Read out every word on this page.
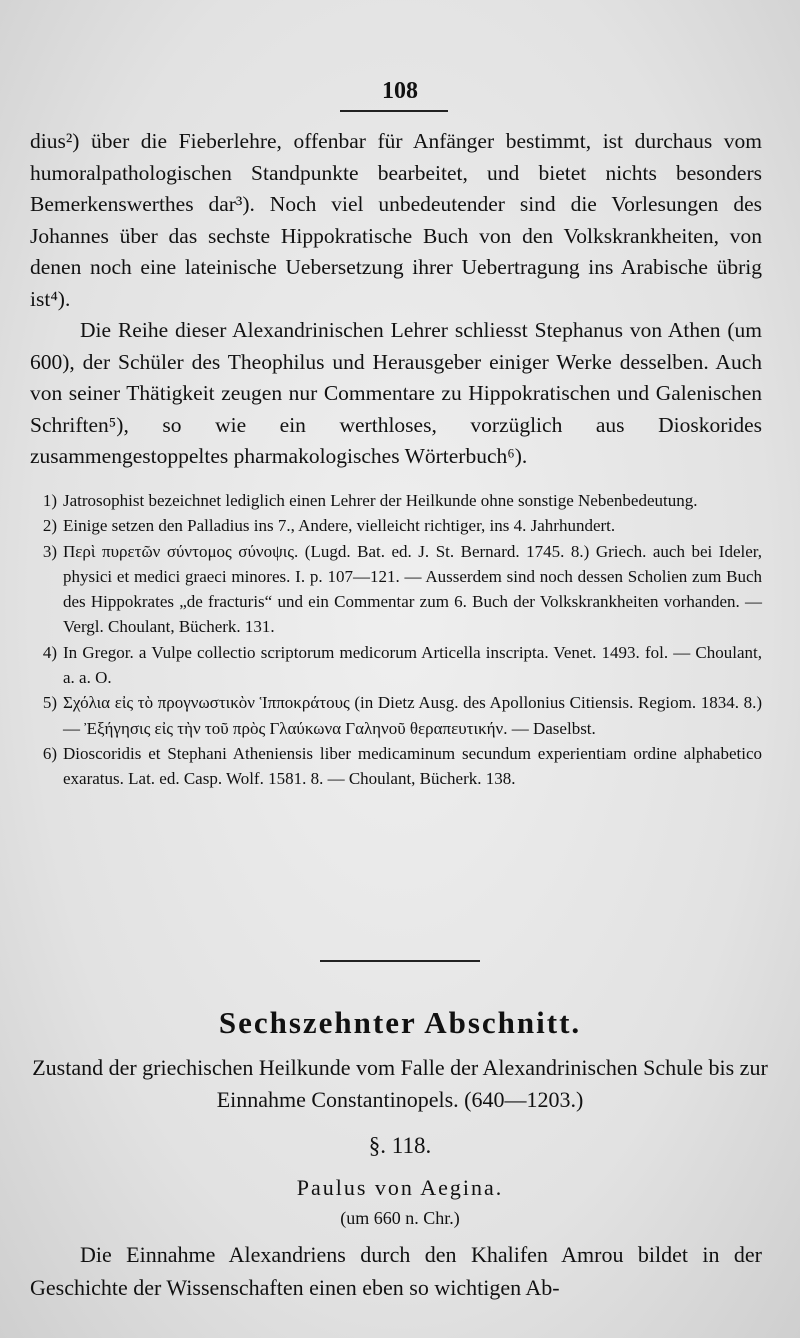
108
dius²) über die Fieberlehre, offenbar für Anfänger bestimmt, ist durchaus vom humoralpathologischen Standpunkte bearbeitet, und bietet nichts besonders Bemerkenswerthes dar³). Noch viel unbedeutender sind die Vorlesungen des Johannes über das sechste Hippokratische Buch von den Volkskrankheiten, von denen noch eine lateinische Uebersetzung ihrer Uebertragung ins Arabische übrig ist⁴).
Die Reihe dieser Alexandrinischen Lehrer schliesst Stephanus von Athen (um 600), der Schüler des Theophilus und Herausgeber einiger Werke desselben. Auch von seiner Thätigkeit zeugen nur Commentare zu Hippokratischen und Galenischen Schriften⁵), so wie ein werthloses, vorzüglich aus Dioskorides zusammengestoppeltes pharmakologisches Wörterbuch⁶).
1) Jatrosophist bezeichnet lediglich einen Lehrer der Heilkunde ohne sonstige Nebenbedeutung.
2) Einige setzen den Palladius ins 7., Andere, vielleicht richtiger, ins 4. Jahrhundert.
3) Περὶ πυρετῶν σύντομος σύνοψις. (Lugd. Bat. ed. J. St. Bernard. 1745. 8.) Griech. auch bei Ideler, physici et medici graeci minores. I. p. 107—121. — Ausserdem sind noch dessen Scholien zum Buch des Hippokrates „de fracturis“ und ein Commentar zum 6. Buch der Volkskrankheiten vorhanden. — Vergl. Choulant, Bücherk. 131.
4) In Gregor. a Vulpe collectio scriptorum medicorum Articella inscripta. Venet. 1493. fol. — Choulant, a. a. O.
5) Σχόλια εἰς τὸ προγνωστικὸν Ἱπποκράτους (in Dietz Ausg. des Apollonius Citiensis. Regiom. 1834. 8.) — Ἐξήγησις εἰς τὴν τοῦ πρὸς Γλαύκωνα Γαληνοῦ θεραπευτικήν. — Daselbst.
6) Dioscoridis et Stephani Atheniensis liber medicaminum secundum experientiam ordine alphabetico exaratus. Lat. ed. Casp. Wolf. 1581. 8. — Choulant, Bücherk. 138.
Sechszehnter Abschnitt.
Zustand der griechischen Heilkunde vom Falle der Alexandrinischen Schule bis zur Einnahme Constantinopels. (640—1203.)
§. 118.
Paulus von Aegina.
(um 660 n. Chr.)
Die Einnahme Alexandriens durch den Khalifen Amrou bildet in der Geschichte der Wissenschaften einen eben so wichtigen Ab-
